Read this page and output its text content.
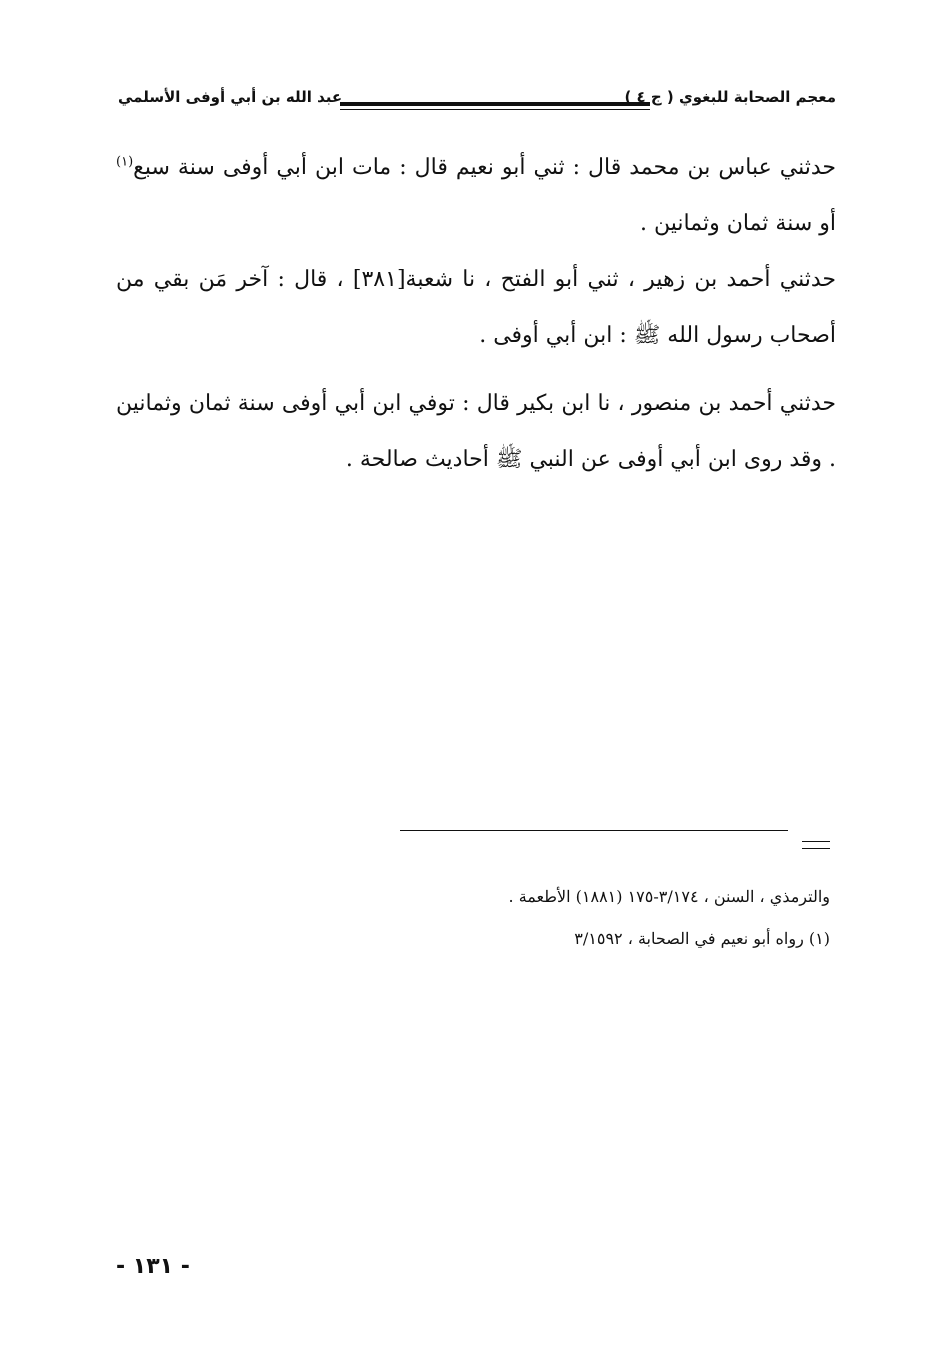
معجم الصحابة للبغوي ( ج ٤ )
عبد الله بن أبي أوفى الأسلمي

حدثني عباس بن محمد قال : ثني أبو نعيم قال : مات ابن أبي أوفى سنة سبع$^{(١)}$ أو سنة ثمان وثمانين .

حدثني أحمد بن زهير ، ثني أبو الفتح ، نا شعبة[٣٨١] ، قال : آخر مَن بقي من أصحاب رسول الله ﷺ : ابن أبي أوفى .

حدثني أحمد بن منصور ، نا ابن بكير قال : توفي ابن أبي أوفى سنة ثمان وثمانين . وقد روى ابن أبي أوفى عن النبي ﷺ أحاديث صالحة .

والترمذي ، السنن ، ٣/١٧٤-١٧٥ (١٨٨١) الأطعمة .

(١) رواه أبو نعيم في الصحابة ، ٣/١٥٩٢

- ١٣١ -
